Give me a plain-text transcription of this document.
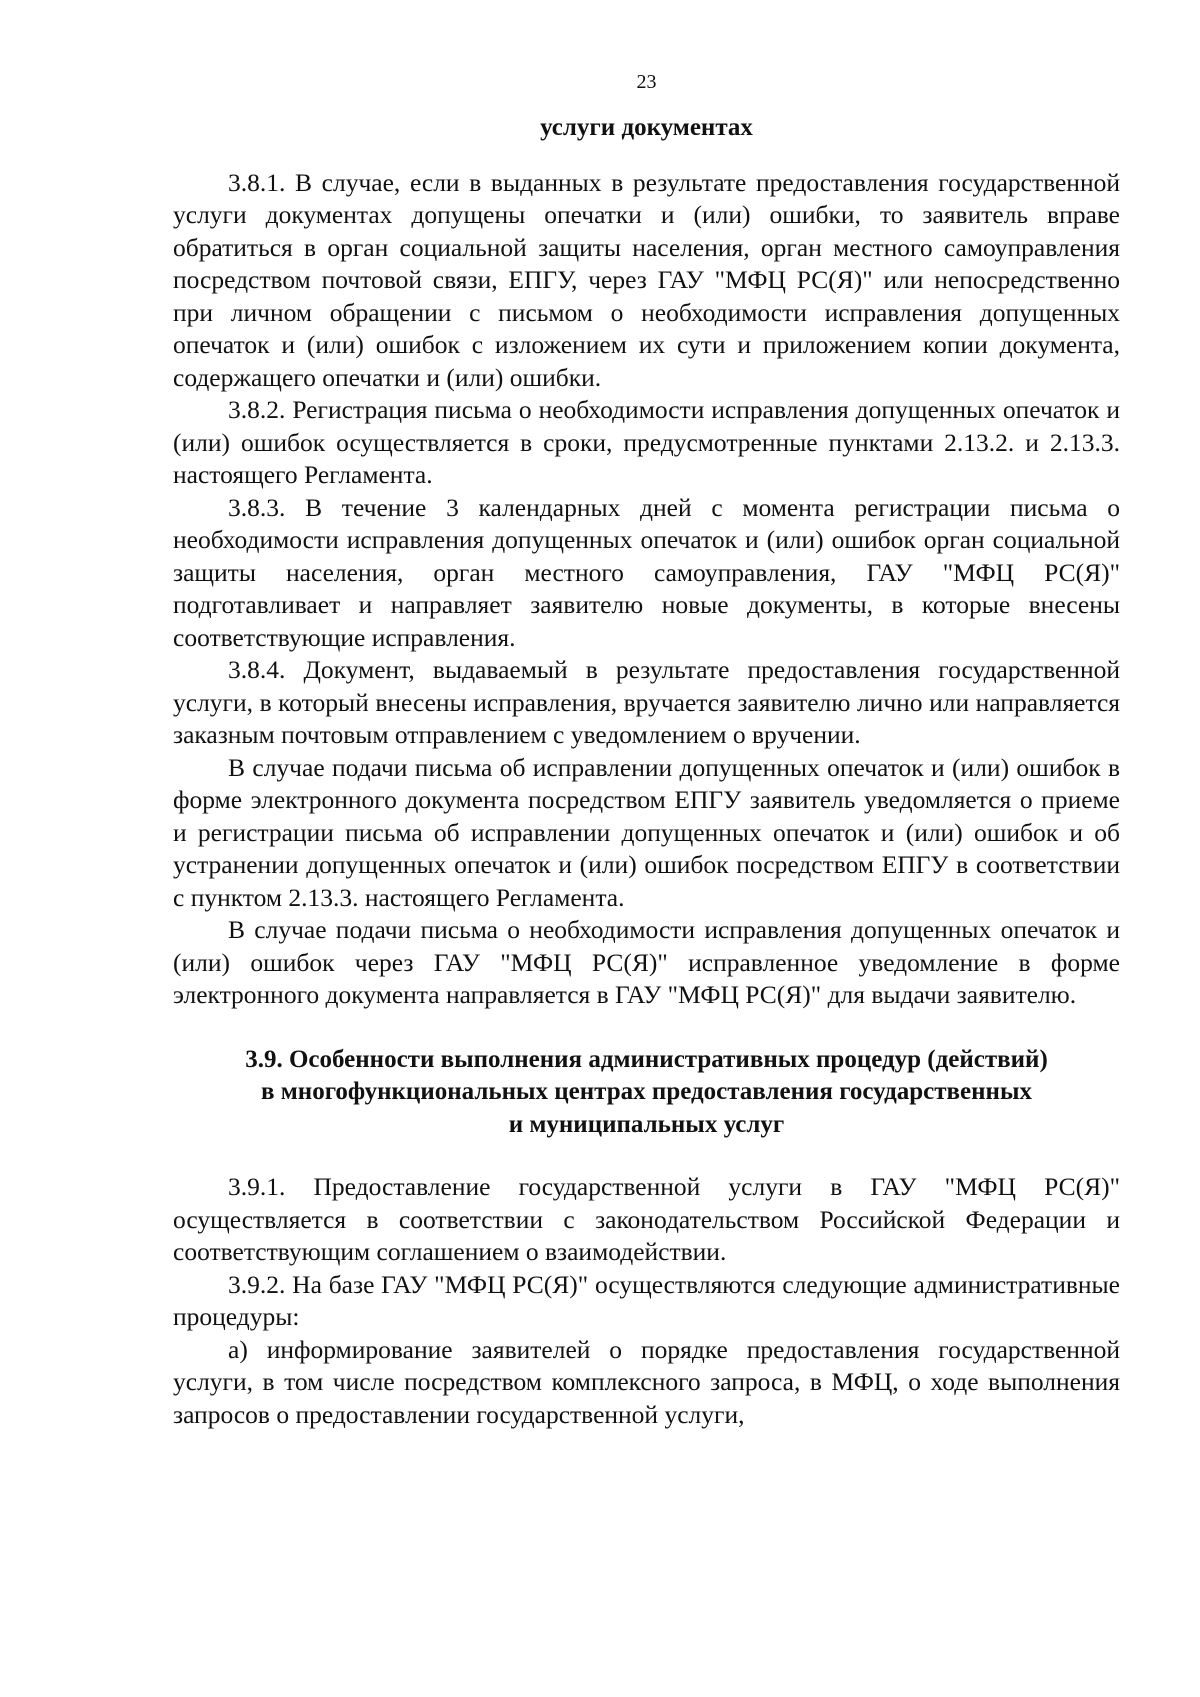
23
услуги документах

3.8.1. В случае, если в выданных в результате предоставления государственной услуги документах допущены опечатки и (или) ошибки, то заявитель вправе обратиться в орган социальной защиты населения, орган местного самоуправления посредством почтовой связи, ЕПГУ, через ГАУ "МФЦ РС(Я)" или непосредственно при личном обращении с письмом о необходимости исправления допущенных опечаток и (или) ошибок с изложением их сути и приложением копии документа, содержащего опечатки и (или) ошибки.

3.8.2. Регистрация письма о необходимости исправления допущенных опечаток и (или) ошибок осуществляется в сроки, предусмотренные пунктами 2.13.2. и 2.13.3. настоящего Регламента.

3.8.3. В течение 3 календарных дней с момента регистрации письма о необходимости исправления допущенных опечаток и (или) ошибок орган социальной защиты населения, орган местного самоуправления, ГАУ "МФЦ РС(Я)" подготавливает и направляет заявителю новые документы, в которые внесены соответствующие исправления.

3.8.4. Документ, выдаваемый в результате предоставления государственной услуги, в который внесены исправления, вручается заявителю лично или направляется заказным почтовым отправлением с уведомлением о вручении.

В случае подачи письма об исправлении допущенных опечаток и (или) ошибок в форме электронного документа посредством ЕПГУ заявитель уведомляется о приеме и регистрации письма об исправлении допущенных опечаток и (или) ошибок и об устранении допущенных опечаток и (или) ошибок посредством ЕПГУ в соответствии с пунктом 2.13.3. настоящего Регламента.

В случае подачи письма о необходимости исправления допущенных опечаток и (или) ошибок через ГАУ "МФЦ РС(Я)" исправленное уведомление в форме электронного документа направляется в ГАУ "МФЦ РС(Я)" для выдачи заявителю.

3.9. Особенности выполнения административных процедур (действий)
в многофункциональных центрах предоставления государственных
и муниципальных услуг

3.9.1. Предоставление государственной услуги в ГАУ "МФЦ РС(Я)" осуществляется в соответствии с законодательством Российской Федерации и соответствующим соглашением о взаимодействии.

3.9.2. На базе ГАУ "МФЦ РС(Я)" осуществляются следующие административные процедуры:

а) информирование заявителей о порядке предоставления государственной услуги, в том числе посредством комплексного запроса, в МФЦ, о ходе выполнения запросов о предоставлении государственной услуги,
